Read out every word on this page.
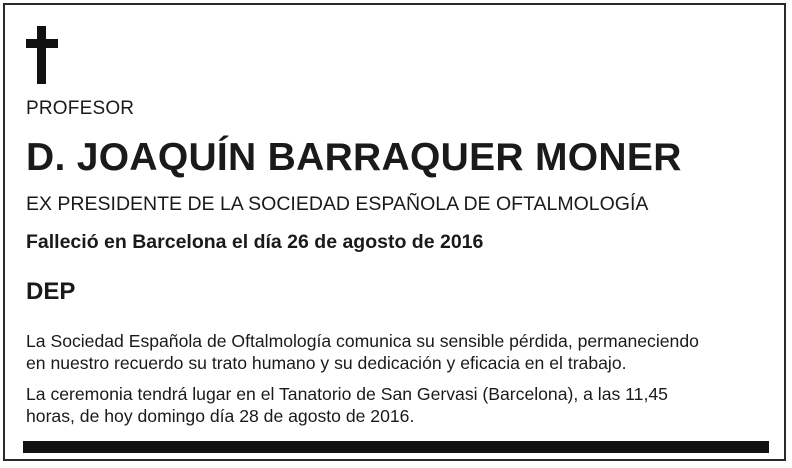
PROFESOR

D. JOAQUÍN BARRAQUER MONER

EX PRESIDENTE DE LA SOCIEDAD ESPAÑOLA DE OFTALMOLOGÍA

Falleció en Barcelona el día 26 de agosto de 2016

DEP

La Sociedad Española de Oftalmología comunica su sensible pérdida, permaneciendo
en nuestro recuerdo su trato humano y su dedicación y eficacia en el trabajo.
La ceremonia tendrá lugar en el Tanatorio de San Gervasi (Barcelona), a las 11,45
horas, de hoy domingo día 28 de agosto de 2016.
